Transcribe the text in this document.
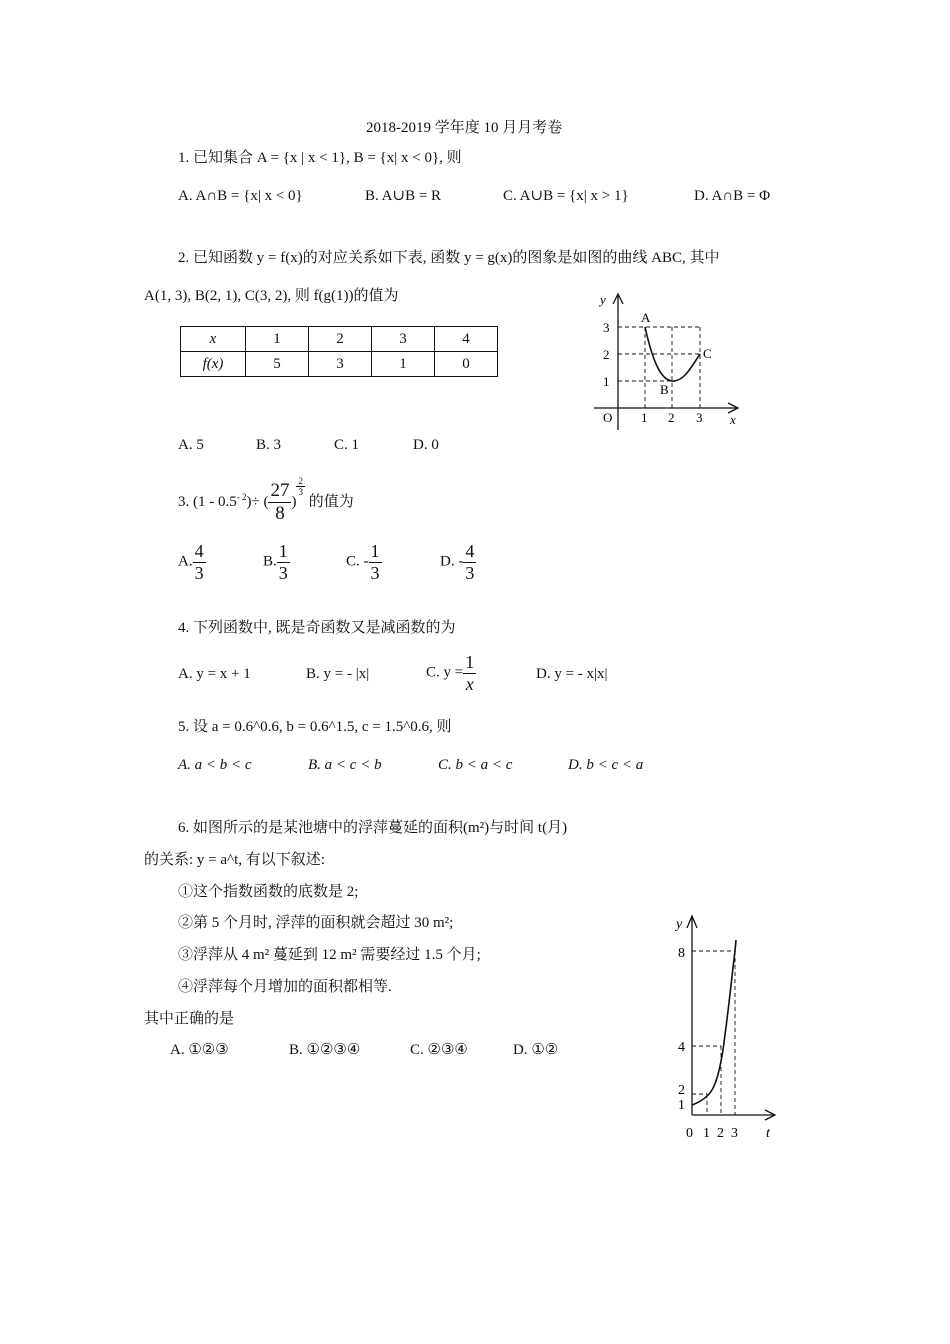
2018-2019 学年度 10 月月考卷
1. 已知集合 A = {x | x < 1}, B = {x| x < 0}, 则
A. A∩B = {x| x < 0}	B. A∪B = R	C. A∪B = {x| x > 1}	D. A∩B = Φ
2. 已知函数 y = f(x)的对应关系如下表, 函数 y = g(x)的图象是如图的曲线 ABC, 其中
A(1, 3), B(2, 1), C(3, 2), 则 f(g(1))的值为
x	1	2	3	4
f(x)	5	3	1	0
y
x
O
3
2
1
1 2 3
A
B
C
A. 5	B. 3	C. 1	D. 0
3. $(1 - 0.5^{- 2})\div$ ( $\frac{27}{8}$ )
$\frac{2}{3}$
的值为
A. $\frac{4}{3}$	B. $\frac{1}{3}$	C. - $\frac{1}{3}$	D. - $\frac{4}{3}$
4. 下列函数中, 既是奇函数又是减函数的为
A. y = x + 1	B. y = - |x|	C. $y = \frac{1}{x}$	D. y = - x|x|
5. 设 a = 0.6^0.6, b = 0.6^1.5, c = 1.5^0.6, 则
A. a < b < c	B. a < c < b	C. b < a < c	D. b < c < a
6. 如图所示的是某池塘中的浮萍蔓延的面积(m²)与时间 t(月)
的关系: y = a^t, 有以下叙述:
①这个指数函数的底数是 2;
②第 5 个月时, 浮萍的面积就会超过 30 m²;
③浮萍从 4 m² 蔓延到 12 m² 需要经过 1.5 个月;
④浮萍每个月增加的面积都相等.
其中正确的是
A. ①②③	B. ①②③④	C. ②③④	D. ①②
y
t
8
4
2
1
0 1 2 3
